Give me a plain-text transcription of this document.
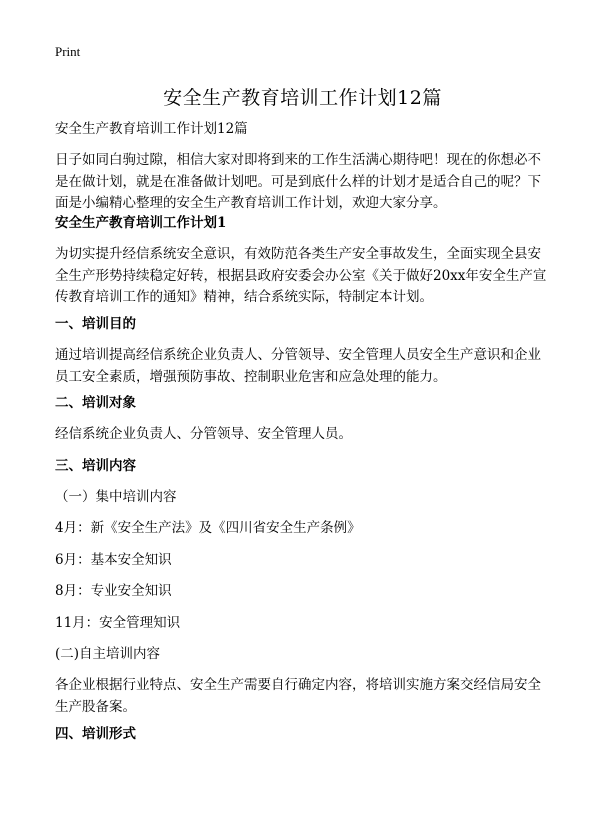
Print
安全生产教育培训工作计划12篇
安全生产教育培训工作计划12篇
日子如同白驹过隙，相信大家对即将到来的工作生活满心期待吧！现在的你想必不是在做计划，就是在准备做计划吧。可是到底什么样的计划才是适合自己的呢？下面是小编精心整理的安全生产教育培训工作计划，欢迎大家分享。
安全生产教育培训工作计划1
为切实提升经信系统安全意识，有效防范各类生产安全事故发生，全面实现全县安全生产形势持续稳定好转，根据县政府安委会办公室《关于做好20xx年安全生产宣传教育培训工作的通知》精神，结合系统实际，特制定本计划。
一、培训目的
通过培训提高经信系统企业负责人、分管领导、安全管理人员安全生产意识和企业员工安全素质，增强预防事故、控制职业危害和应急处理的能力。
二、培训对象
经信系统企业负责人、分管领导、安全管理人员。
三、培训内容
（一）集中培训内容
4月：新《安全生产法》及《四川省安全生产条例》
6月：基本安全知识
8月：专业安全知识
11月：安全管理知识
(二)自主培训内容
各企业根据行业特点、安全生产需要自行确定内容，将培训实施方案交经信局安全生产股备案。
四、培训形式
